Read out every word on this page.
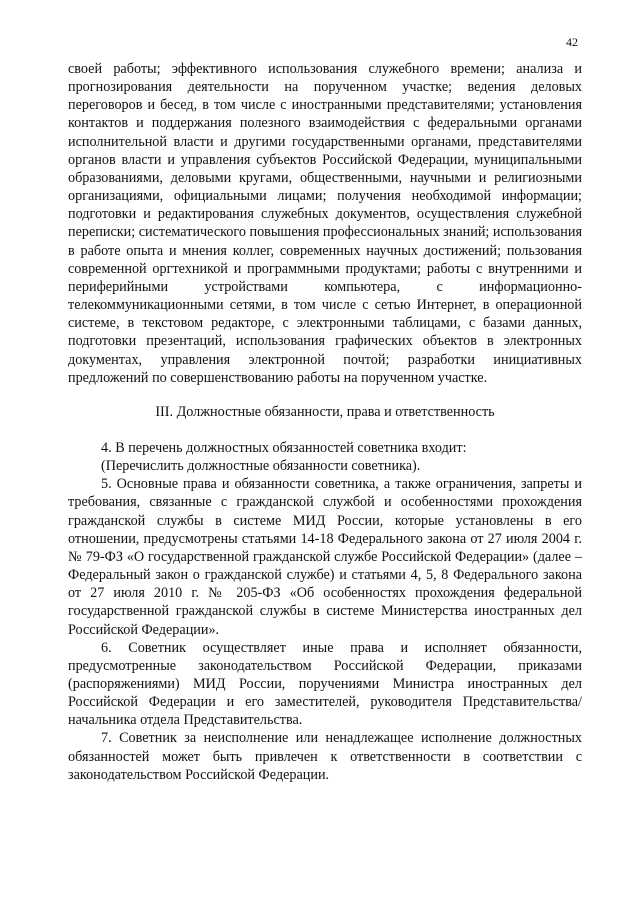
42

своей работы; эффективного использования служебного времени; анализа и прогнозирования деятельности на порученном участке; ведения деловых переговоров и бесед, в том числе с иностранными представителями; установления контактов и поддержания полезного взаимодействия с федеральными органами исполнительной власти и другими государственными органами, представителями органов власти и управления субъектов Российской Федерации, муниципальными образованиями, деловыми кругами, общественными, научными и религиозными организациями, официальными лицами; получения необходимой информации; подготовки и редактирования служебных документов, осуществления служебной переписки; систематического повышения профессиональных знаний; использования в работе опыта и мнения коллег, современных научных достижений; пользования современной оргтехникой и программными продуктами; работы с внутренними и периферийными устройствами компьютера, с информационно-телекоммуникационными сетями, в том числе с сетью Интернет, в операционной системе, в текстовом редакторе, с электронными таблицами, с базами данных, подготовки презентаций, использования графических объектов в электронных документах, управления электронной почтой; разработки инициативных предложений по совершенствованию работы на порученном участке.

III. Должностные обязанности, права и ответственность

4. В перечень должностных обязанностей советника входит:

(Перечислить должностные обязанности советника).

5. Основные права и обязанности советника, а также ограничения, запреты и требования, связанные с гражданской службой и особенностями прохождения гражданской службы в системе МИД России, которые установлены в его отношении, предусмотрены статьями 14-18 Федерального закона от 27 июля 2004 г. № 79-ФЗ «О государственной гражданской службе Российской Федерации» (далее – Федеральный закон о гражданской службе) и статьями 4, 5, 8 Федерального закона от 27 июля 2010 г. № 205-ФЗ «Об особенностях прохождения федеральной государственной гражданской службы в системе Министерства иностранных дел Российской Федерации».

6. Советник осуществляет иные права и исполняет обязанности, предусмотренные законодательством Российской Федерации, приказами (распоряжениями) МИД России, поручениями Министра иностранных дел Российской Федерации и его заместителей, руководителя Представительства/начальника отдела Представительства.

7. Советник за неисполнение или ненадлежащее исполнение должностных обязанностей может быть привлечен к ответственности в соответствии с законодательством Российской Федерации.
